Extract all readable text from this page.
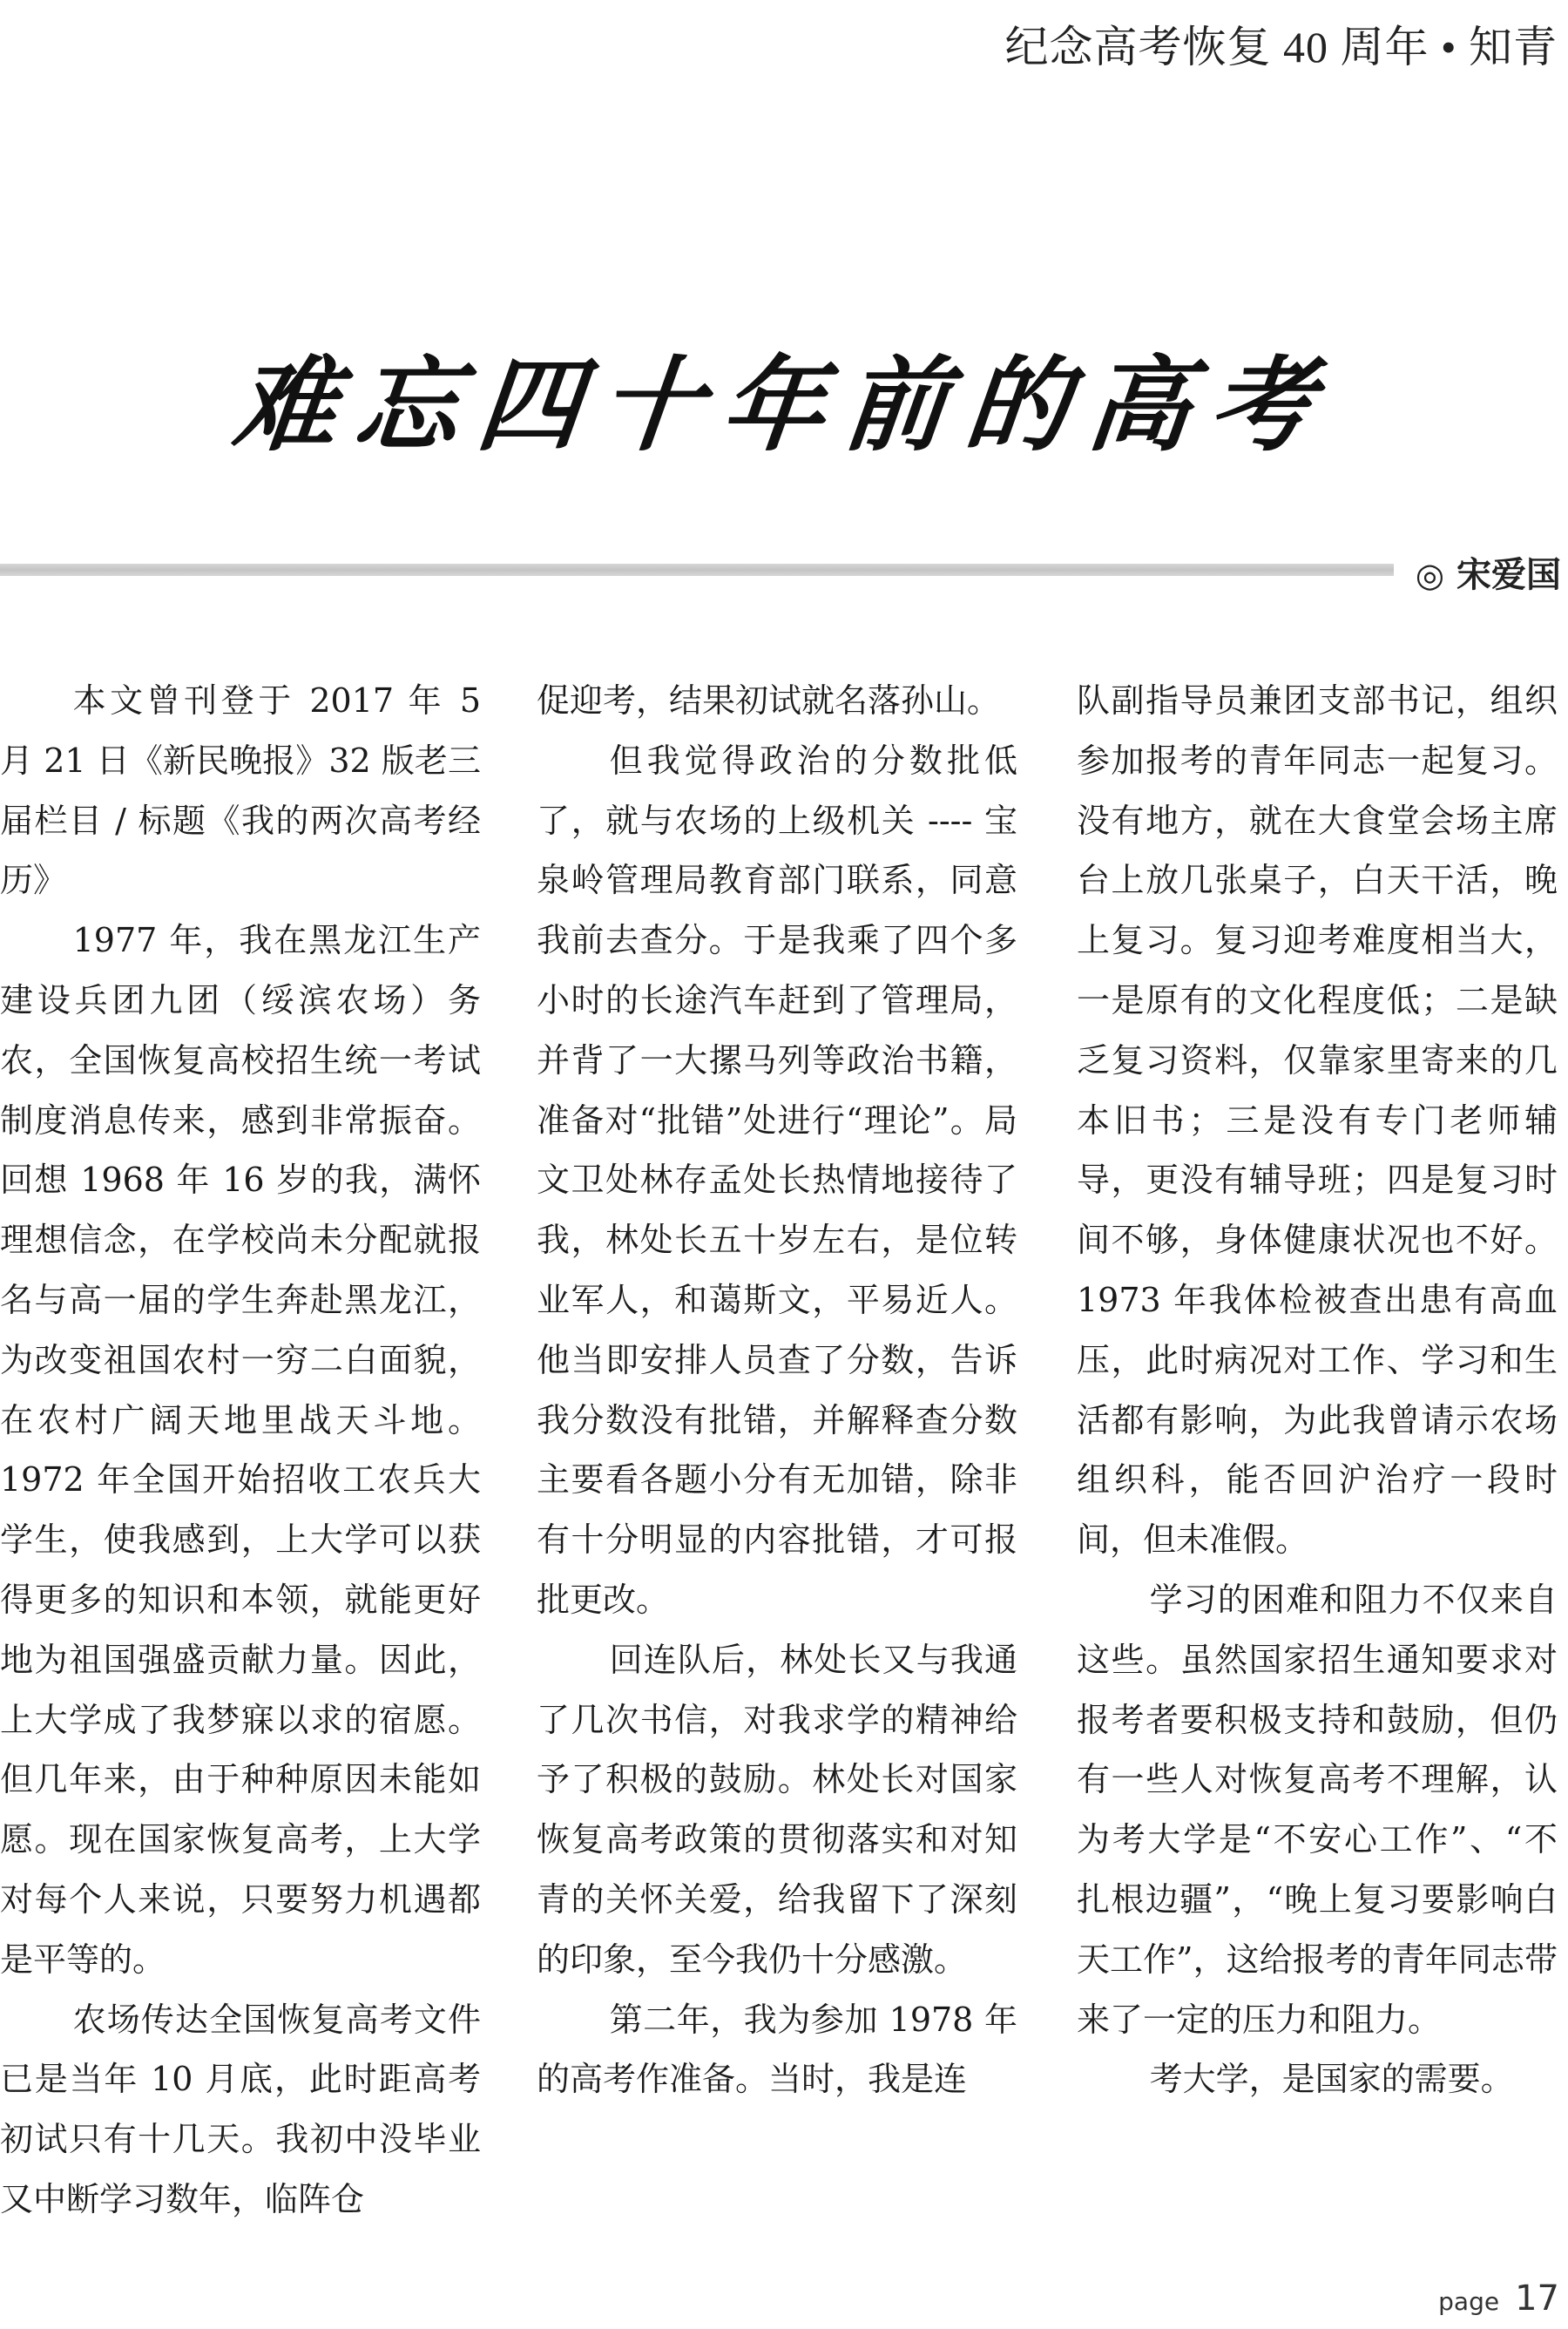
纪念高考恢复 40 周年 • 知青
难忘四十年前的高考
◎ 宋爱国

本文曾刊登于 2017 年 5 月 21 日《新民晚报》32 版老三届栏目 / 标题《我的两次高考经历》

1977 年，我在黑龙江生产建设兵团九团（绥滨农场）务农，全国恢复高校招生统一考试制度消息传来，感到非常振奋。回想 1968 年 16 岁的我，满怀理想信念，在学校尚未分配就报名与高一届的学生奔赴黑龙江，为改变祖国农村一穷二白面貌，在农村广阔天地里战天斗地。1972 年全国开始招收工农兵大学生，使我感到，上大学可以获得更多的知识和本领，就能更好地为祖国强盛贡献力量。因此，上大学成了我梦寐以求的宿愿。但几年来，由于种种原因未能如愿。现在国家恢复高考，上大学对每个人来说，只要努力机遇都是平等的。

农场传达全国恢复高考文件已是当年 10 月底，此时距高考初试只有十几天。我初中没毕业又中断学习数年，临阵仓

促迎考，结果初试就名落孙山。

但我觉得政治的分数批低了，就与农场的上级机关 ---- 宝泉岭管理局教育部门联系，同意我前去查分。于是我乘了四个多小时的长途汽车赶到了管理局，并背了一大摞马列等政治书籍，准备对“批错”处进行“理论”。局文卫处林存孟处长热情地接待了我，林处长五十岁左右，是位转业军人，和蔼斯文，平易近人。他当即安排人员查了分数，告诉我分数没有批错，并解释查分数主要看各题小分有无加错，除非有十分明显的内容批错，才可报批更改。

回连队后，林处长又与我通了几次书信，对我求学的精神给予了积极的鼓励。林处长对国家恢复高考政策的贯彻落实和对知青的关怀关爱，给我留下了深刻的印象，至今我仍十分感激。

第二年，我为参加 1978 年的高考作准备。当时，我是连

队副指导员兼团支部书记，组织参加报考的青年同志一起复习。没有地方，就在大食堂会场主席台上放几张桌子，白天干活，晚上复习。复习迎考难度相当大，一是原有的文化程度低；二是缺乏复习资料，仅靠家里寄来的几本旧书；三是没有专门老师辅导，更没有辅导班；四是复习时间不够，身体健康状况也不好。1973 年我体检被查出患有高血压，此时病况对工作、学习和生活都有影响，为此我曾请示农场组织科，能否回沪治疗一段时间，但未准假。

学习的困难和阻力不仅来自这些。虽然国家招生通知要求对报考者要积极支持和鼓励，但仍有一些人对恢复高考不理解，认为考大学是“不安心工作”、“不扎根边疆”，“晚上复习要影响白天工作”，这给报考的青年同志带来了一定的压力和阻力。

考大学，是国家的需要。

page 17
